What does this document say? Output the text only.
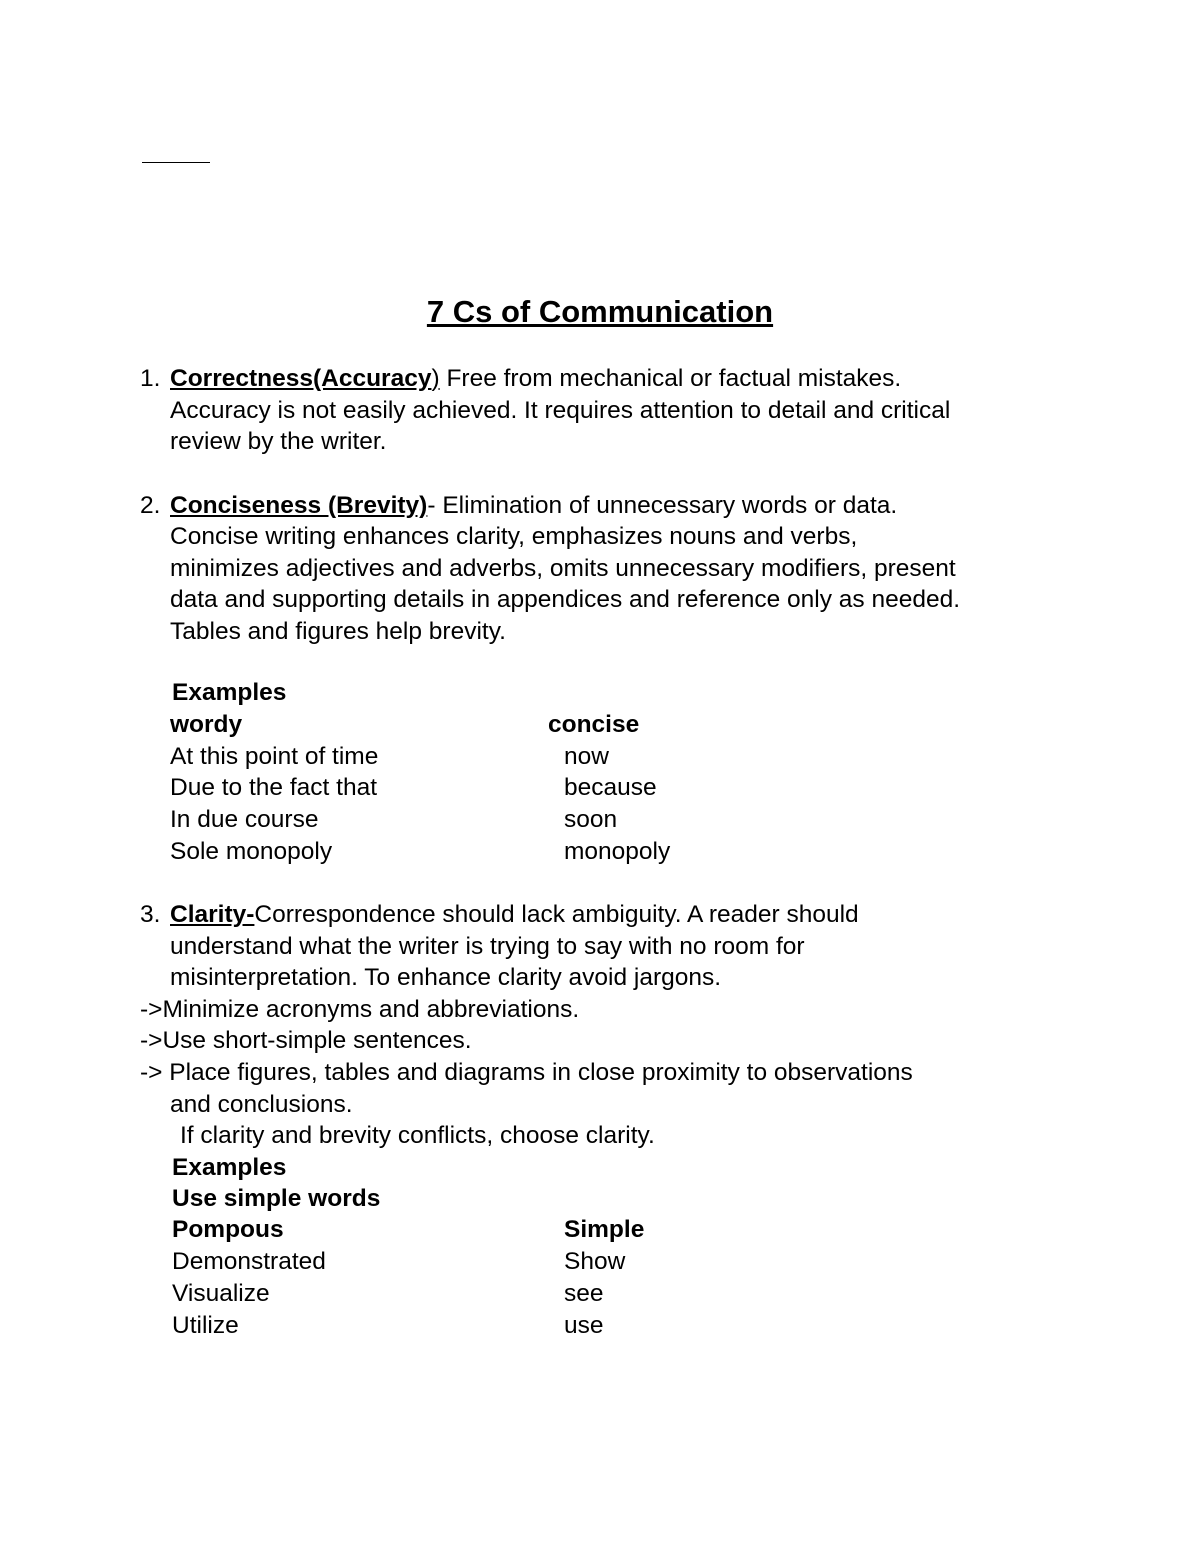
7 Cs of Communication
1. Correctness(Accuracy) Free from mechanical or factual mistakes.
Accuracy is not easily achieved. It requires attention to detail and critical
review by the writer.
2. Conciseness (Brevity)- Elimination of unnecessary words or data.
Concise writing enhances clarity, emphasizes nouns and verbs,
minimizes adjectives and adverbs, omits unnecessary modifiers, present
data and supporting details in appendices and reference only as needed.
Tables and figures help brevity.
Examples
wordy	concise
At this point of time	now
Due to the fact that	because
In due course	soon
Sole monopoly	monopoly
3. Clarity-Correspondence should lack ambiguity. A reader should
understand what the writer is trying to say with no room for
misinterpretation. To enhance clarity avoid jargons.
->Minimize acronyms and abbreviations.
->Use short-simple sentences.
-> Place figures, tables and diagrams in close proximity to observations
and conclusions.
If clarity and brevity conflicts, choose clarity.
Examples
Use simple words
Pompous	Simple
Demonstrated	Show
Visualize	see
Utilize	use
